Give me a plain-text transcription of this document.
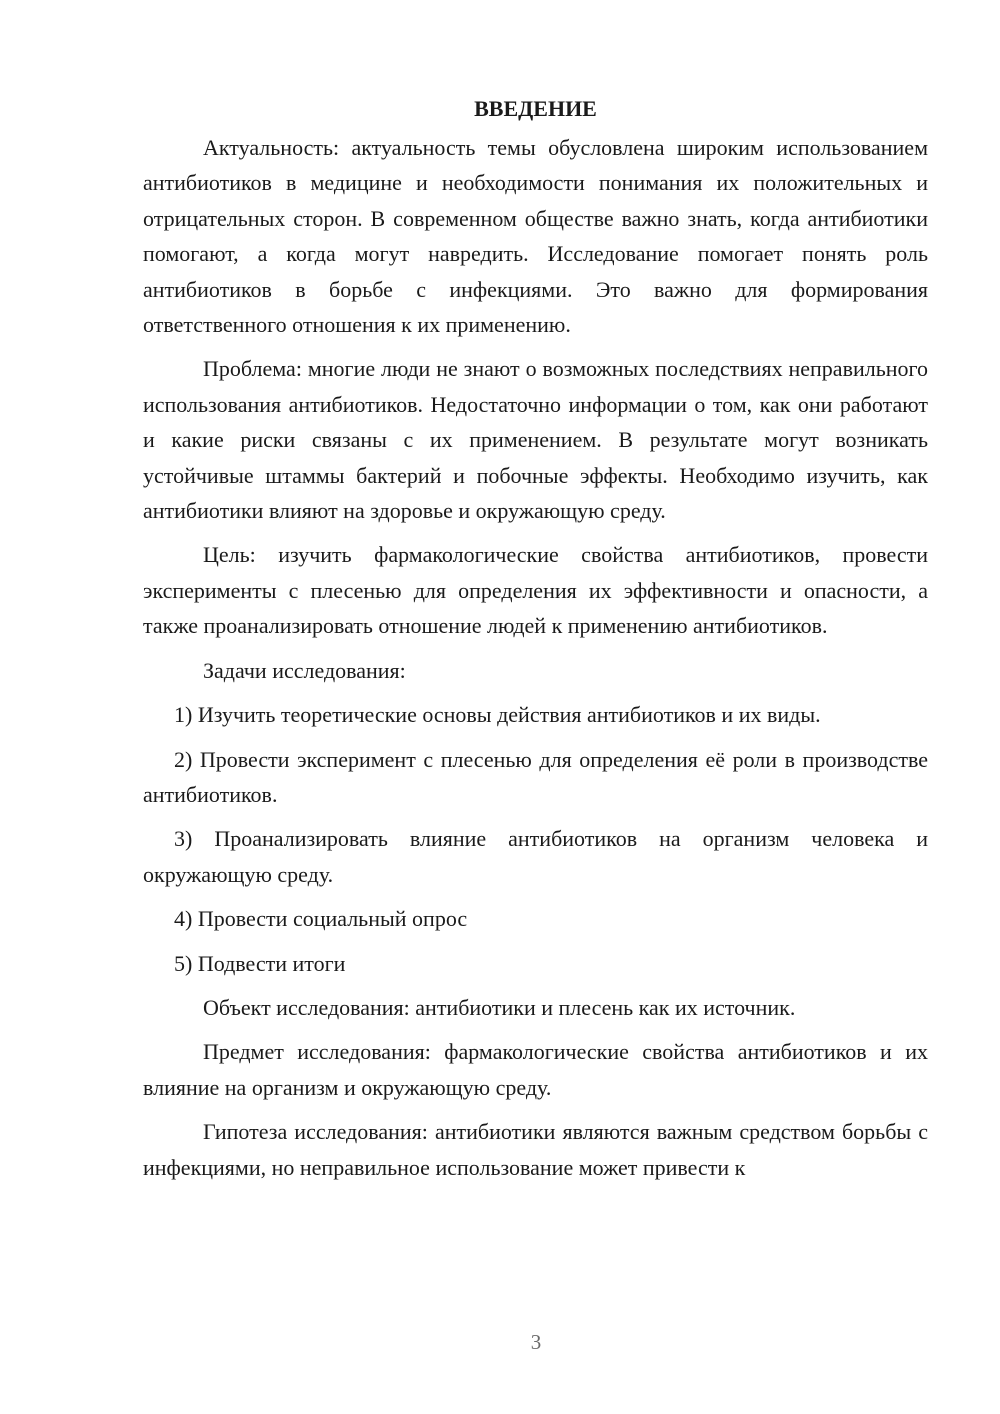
ВВЕДЕНИЕ

Актуальность: актуальность темы обусловлена широким использованием антибиотиков в медицине и необходимости понимания их положительных и отрицательных сторон. В современном обществе важно знать, когда антибиотики помогают, а когда могут навредить. Исследование помогает понять роль антибиотиков в борьбе с инфекциями. Это важно для формирования ответственного отношения к их применению.

Проблема: многие люди не знают о возможных последствиях неправильного использования антибиотиков. Недостаточно информации о том, как они работают и какие риски связаны с их применением. В результате могут возникать устойчивые штаммы бактерий и побочные эффекты. Необходимо изучить, как антибиотики влияют на здоровье и окружающую среду.

Цель: изучить фармакологические свойства антибиотиков, провести эксперименты с плесенью для определения их эффективности и опасности, а также проанализировать отношение людей к применению антибиотиков.

Задачи исследования:

1) Изучить теоретические основы действия антибиотиков и их виды.

2) Провести эксперимент с плесенью для определения её роли в производстве антибиотиков.

3) Проанализировать влияние антибиотиков на организм человека и окружающую среду.

4) Провести социальный опрос

5) Подвести итоги

Объект исследования: антибиотики и плесень как их источник.

Предмет исследования: фармакологические свойства антибиотиков и их влияние на организм и окружающую среду.

Гипотеза исследования: антибиотики являются важным средством борьбы с инфекциями, но неправильное использование может привести к

3
